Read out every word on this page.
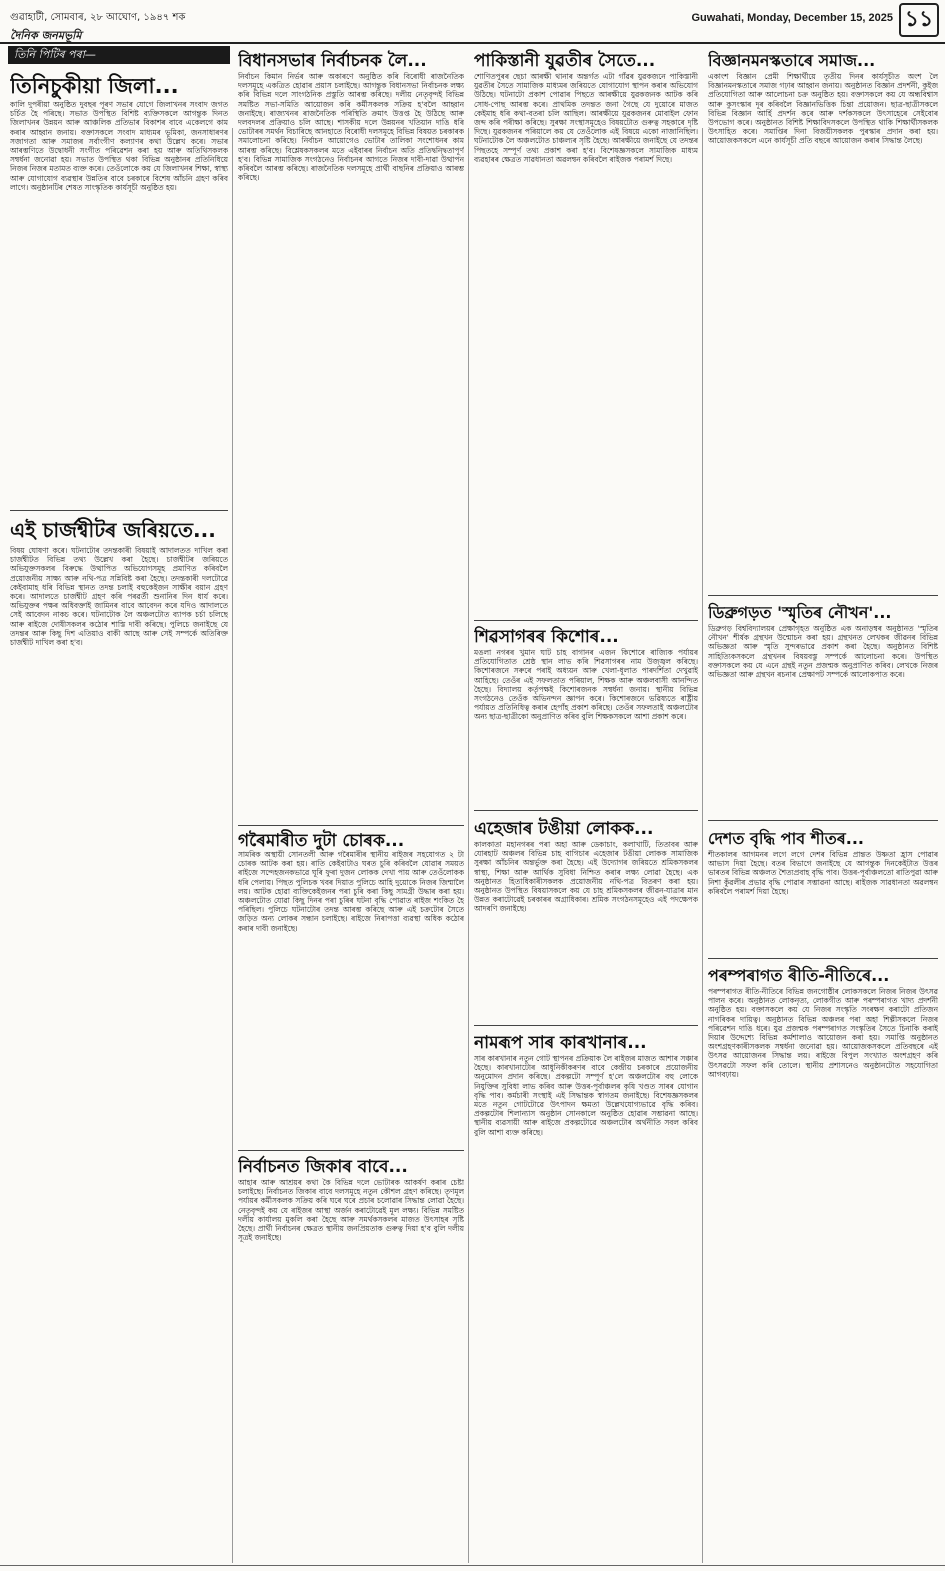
গুৱাহাটী, সোমবাৰ, ২৮ আঘোণ, ১৯৪৭ শক
দৈনিক জনমভূমি
Guwahati, Monday, December 15, 2025 ১১
তিনি পিটিৰ পৰা—
তিনিচুকীয়া জিলা...
কালি দুপৰীয়া অনুষ্ঠিত দুবছৰ পূৰণ সভাৰ যোগে জিলাখনৰ সংবাদ জগত চৰ্চিত হৈ পৰিছে। সভাত উপস্থিত বিশিষ্ট ব্যক্তিসকলে আগন্তুক দিনত জিলাখনৰ উন্নয়ন আৰু আঞ্চলিক প্ৰতিভাৰ বিকাশৰ বাবে একেলগে কাম কৰাৰ আহ্বান জনায়। বক্তাসকলে সংবাদ মাধ্যমৰ ভূমিকা, জনসাধাৰণৰ সজাগতা আৰু সমাজৰ সৰ্বাংগীণ কল্যাণৰ কথা উল্লেখ কৰে। সভাৰ আৰম্ভণিতে উদ্বোধনী সংগীত পৰিৱেশন কৰা হয় আৰু অতিথিসকলক সম্বৰ্ধনা জনোৱা হয়। সভাত উপস্থিত থকা বিভিন্ন অনুষ্ঠানৰ প্ৰতিনিধিয়ে নিজৰ নিজৰ মতামত ব্যক্ত কৰে। তেওঁলোকে কয় যে জিলাখনৰ শিক্ষা, স্বাস্থ্য আৰু যোগাযোগ ব্যৱস্থাৰ উন্নতিৰ বাবে চৰকাৰে বিশেষ আঁচনি গ্ৰহণ কৰিব লাগে। অনুষ্ঠানটিৰ শেষত সাংস্কৃতিক কাৰ্যসূচী অনুষ্ঠিত হয়।
এই চাৰ্জশ্বীটৰ জৰিয়তে...
বিষয় ঘোষণা কৰে। ঘটনাটোৰ তদন্তকাৰী বিষয়াই আদালতত দাখিল কৰা চাৰ্জশ্বীটত বিভিন্ন তথ্য উল্লেখ কৰা হৈছে। চাৰ্জশ্বীটৰ জৰিয়তে অভিযুক্তসকলৰ বিৰুদ্ধে উত্থাপিত অভিযোগসমূহ প্ৰমাণিত কৰিবলৈ প্ৰয়োজনীয় সাক্ষ্য আৰু নথি-পত্ৰ সন্নিবিষ্ট কৰা হৈছে। তদন্তকাৰী দলটোৱে কেইবামাহ ধৰি বিভিন্ন স্থানত তদন্ত চলাই বহুকেইজন সাক্ষীৰ বয়ান গ্ৰহণ কৰে। আদালতে চাৰ্জশ্বীট গ্ৰহণ কৰি পৰৱৰ্তী শুনানিৰ দিন ধাৰ্য কৰে। অভিযুক্তৰ পক্ষৰ অধিবক্তাই জামিনৰ বাবে আবেদন কৰে যদিও আদালতে সেই আবেদন নাকচ কৰে। ঘটনাটোক লৈ অঞ্চলটোত ব্যাপক চৰ্চা চলিছে আৰু ৰাইজে দোষীসকলৰ কঠোৰ শাস্তি দাবী কৰিছে। পুলিচে জনাইছে যে তদন্তৰ আৰু কিছু দিশ এতিয়াও বাকী আছে আৰু সেই সম্পৰ্কে অতিৰিক্ত চাৰ্জশ্বীট দাখিল কৰা হ'ব।
বিধানসভাৰ নিৰ্বাচনক লৈ...
নিৰ্বাচন কিমান নিৰ্ভৰ আৰু অকাৰণে অনুষ্ঠিত কৰি বিৰোধী ৰাজনৈতিক দলসমূহে একত্ৰিত হোৱাৰ প্ৰয়াস চলাইছে। আগন্তুক বিধানসভা নিৰ্বাচনক লক্ষ্য কৰি বিভিন্ন দলে সাংগঠনিক প্ৰস্তুতি আৰম্ভ কৰিছে। দলীয় নেতৃবৃন্দই বিভিন্ন সমষ্টিত সভা-সমিতি আয়োজন কৰি কৰ্মীসকলক সক্ৰিয় হ'বলৈ আহ্বান জনাইছে। ৰাজ্যখনৰ ৰাজনৈতিক পৰিস্থিতি ক্ৰমাৎ উত্তপ্ত হৈ উঠিছে আৰু দলবদলৰ প্ৰক্ৰিয়াও চলি আছে। শাসকীয় দলে উন্নয়নৰ খতিয়ান দাঙি ধৰি ভোটাৰৰ সমৰ্থন বিচাৰিছে আনহাতে বিৰোধী দলসমূহে বিভিন্ন বিষয়ত চৰকাৰক সমালোচনা কৰিছে। নিৰ্বাচন আয়োগেও ভোটাৰ তালিকা সংশোধনৰ কাম আৰম্ভ কৰিছে। বিশ্লেষকসকলৰ মতে এইবাৰৰ নিৰ্বাচন অতি প্ৰতিদ্বন্দ্বিতাপূৰ্ণ হ'ব। বিভিন্ন সামাজিক সংগঠনেও নিৰ্বাচনৰ আগতে নিজৰ দাবী-দাৱা উত্থাপন কৰিবলৈ আৰম্ভ কৰিছে। ৰাজনৈতিক দলসমূহে প্ৰাৰ্থী বাছনিৰ প্ৰক্ৰিয়াও আৰম্ভ কৰিছে।
গৰৈমাৰীত দুটা চোৰক...
সামৰিক অস্থায়ী সোনতলী আৰু গৰৈমাৰীৰ স্থানীয় ৰাইজৰ সহযোগত ২ টা চোৰক আটক কৰা হয়। ৰাতি কেইবাটাও ঘৰত চুৰি কৰিবলৈ যোৱাৰ সময়ত ৰাইজে সন্দেহজনকভাৱে ঘূৰি ফুৰা দুজন লোকক দেখা পায় আৰু তেওঁলোকক ধৰি পেলায়। পিছত পুলিচক খবৰ দিয়াত পুলিচে আহি দুয়োকে নিজৰ জিম্মালৈ লয়। আটক হোৱা ব্যক্তিকেইজনৰ পৰা চুৰি কৰা কিছু সামগ্ৰী উদ্ধাৰ কৰা হয়। অঞ্চলটোত যোৱা কিছু দিনৰ পৰা চুৰিৰ ঘটনা বৃদ্ধি পোৱাত ৰাইজ শংকিত হৈ পৰিছিল। পুলিচে ঘটনাটোৰ তদন্ত আৰম্ভ কৰিছে আৰু এই চক্ৰটোৰ সৈতে জড়িত অন্য লোকৰ সন্ধান চলাইছে। ৰাইজে নিৰাপত্তা ব্যৱস্থা অধিক কঠোৰ কৰাৰ দাবী জনাইছে।
নিৰ্বাচনত জিকাৰ বাবে...
আহাৰ আৰু আশ্ৰয়ৰ কথা কৈ বিভিন্ন দলে ভোটাৰক আকৰ্ষণ কৰাৰ চেষ্টা চলাইছে। নিৰ্বাচনত জিকাৰ বাবে দলসমূহে নতুন কৌশল গ্ৰহণ কৰিছে। তৃণমূল পৰ্যায়ৰ কৰ্মীসকলক সক্ৰিয় কৰি ঘৰে ঘৰে প্ৰচাৰ চলোৱাৰ সিদ্ধান্ত লোৱা হৈছে। নেতৃবৃন্দই কয় যে ৰাইজৰ আস্থা অৰ্জন কৰাটোৱেই মূল লক্ষ্য। বিভিন্ন সমষ্টিত দলীয় কাৰ্যালয় মুকলি কৰা হৈছে আৰু সমৰ্থকসকলৰ মাজত উৎসাহৰ সৃষ্টি হৈছে। প্ৰাৰ্থী নিৰ্বাচনৰ ক্ষেত্ৰত স্থানীয় জনপ্ৰিয়তাক গুৰুত্ব দিয়া হ'ব বুলি দলীয় সূত্ৰই জনাইছে।
পাকিস্তানী যুৱতীৰ সৈতে...
শোণিতপুৰৰ ছেচা আৰক্ষী থানাৰ অন্তৰ্গত এটা গাঁৱৰ যুৱকজনে পাকিস্তানী যুৱতীৰ সৈতে সামাজিক মাধ্যমৰ জৰিয়তে যোগাযোগ স্থাপন কৰাৰ অভিযোগ উঠিছে। ঘটনাটো প্ৰকাশ পোৱাৰ পিছতে আৰক্ষীয়ে যুৱকজনক আটক কৰি সোধ-পোছ আৰম্ভ কৰে। প্ৰাথমিক তদন্তত জনা গৈছে যে দুয়োৰে মাজত কেইমাহ ধৰি কথা-বতৰা চলি আছিল। আৰক্ষীয়ে যুৱকজনৰ মোবাইল ফোন জব্দ কৰি পৰীক্ষা কৰিছে। সুৰক্ষা সংস্থাসমূহেও বিষয়টোত গুৰুত্ব সহকাৰে দৃষ্টি দিছে। যুৱকজনৰ পৰিয়ালে কয় যে তেওঁলোক এই বিষয়ে একো নাজানিছিল। ঘটনাটোক লৈ অঞ্চলটোত চাঞ্চল্যৰ সৃষ্টি হৈছে। আৰক্ষীয়ে জনাইছে যে তদন্তৰ পিছতহে সম্পূৰ্ণ তথ্য প্ৰকাশ কৰা হ'ব। বিশেষজ্ঞসকলে সামাজিক মাধ্যম ব্যৱহাৰৰ ক্ষেত্ৰত সাৱধানতা অৱলম্বন কৰিবলৈ ৰাইজক পৰামৰ্শ দিছে।
শিৱসাগৰৰ কিশোৰ...
মঙলা নগৰৰ খুমান ঘাট চাহ বাগানৰ এজন কিশোৰে ৰাজ্যিক পৰ্যায়ৰ প্ৰতিযোগিতাত শ্ৰেষ্ঠ স্থান লাভ কৰি শিৱসাগৰৰ নাম উজ্জ্বল কৰিছে। কিশোৰজনে সৰুৰে পৰাই অধ্যয়ন আৰু খেলা-ধূলাত পাৰদৰ্শিতা দেখুৱাই আহিছে। তেওঁৰ এই সফলতাত পৰিয়াল, শিক্ষক আৰু অঞ্চলবাসী আনন্দিত হৈছে। বিদ্যালয় কৰ্তৃপক্ষই কিশোৰজনক সম্বৰ্ধনা জনায়। স্থানীয় বিভিন্ন সংগঠনেও তেওঁক অভিনন্দন জ্ঞাপন কৰে। কিশোৰজনে ভৱিষ্যতে ৰাষ্ট্ৰীয় পৰ্যায়ত প্ৰতিনিধিত্ব কৰাৰ হেপাঁহ প্ৰকাশ কৰিছে। তেওঁৰ সফলতাই অঞ্চলটোৰ অন্য ছাত্ৰ-ছাত্ৰীকো অনুপ্ৰাণিত কৰিব বুলি শিক্ষকসকলে আশা প্ৰকাশ কৰে।
এহেজাৰ টঙীয়া লোকক...
কালকাতা মহানগৰৰ পৰা অহা আৰু ডেকাচাং, কলাখাটি, তিতাবৰ আৰু যোৰহাট অঞ্চলৰ বিভিন্ন চাহ বাগিচাৰ এহেজাৰ টঙীয়া লোকক সামাজিক সুৰক্ষা আঁচনিৰ অন্তৰ্ভুক্ত কৰা হৈছে। এই উদ্যোগৰ জৰিয়তে শ্ৰমিকসকলৰ স্বাস্থ্য, শিক্ষা আৰু আৰ্থিক সুবিধা নিশ্চিত কৰাৰ লক্ষ্য লোৱা হৈছে। এক অনুষ্ঠানত হিতাধিকাৰীসকলক প্ৰয়োজনীয় নথি-পত্ৰ বিতৰণ কৰা হয়। অনুষ্ঠানত উপস্থিত বিষয়াসকলে কয় যে চাহ শ্ৰমিকসকলৰ জীৱন-যাত্ৰাৰ মান উন্নত কৰাটোৱেই চৰকাৰৰ অগ্ৰাধিকাৰ। শ্ৰমিক সংগঠনসমূহেও এই পদক্ষেপক আদৰণি জনাইছে।
নামৰূপ সাৰ কাৰখানাৰ...
সাৰ কাৰখানাৰ নতুন গোট স্থাপনৰ প্ৰক্ৰিয়াক লৈ ৰাইজৰ মাজত আশাৰ সঞ্চাৰ হৈছে। কাৰখানাটোৰ আধুনিকীকৰণৰ বাবে কেন্দ্ৰীয় চৰকাৰে প্ৰয়োজনীয় অনুমোদন প্ৰদান কৰিছে। প্ৰকল্পটো সম্পূৰ্ণ হ'লে অঞ্চলটোৰ বহু লোকে নিযুক্তিৰ সুবিধা লাভ কৰিব আৰু উত্তৰ-পূৰ্বাঞ্চলৰ কৃষি খণ্ডত সাৰৰ যোগান বৃদ্ধি পাব। কৰ্মচাৰী সংস্থাই এই সিদ্ধান্তক স্বাগতম জনাইছে। বিশেষজ্ঞসকলৰ মতে নতুন গোটটোৱে উৎপাদন ক্ষমতা উল্লেখযোগ্যভাৱে বৃদ্ধি কৰিব। প্ৰকল্পটোৰ শিলান্যাস অনুষ্ঠান সোনকালে অনুষ্ঠিত হোৱাৰ সম্ভাৱনা আছে। স্থানীয় ব্যৱসায়ী আৰু ৰাইজে প্ৰকল্পটোৱে অঞ্চলটোৰ অৰ্থনীতি সবল কৰিব বুলি আশা ব্যক্ত কৰিছে।
বিজ্ঞানমনস্কতাৰে সমাজ...
একাংশ বিজ্ঞান প্ৰেমী শিক্ষাৰ্থীয়ে তৃতীয় দিনৰ কাৰ্যসূচীত অংশ লৈ বিজ্ঞানমনস্কতাৰে সমাজ গঢ়াৰ আহ্বান জনায়। অনুষ্ঠানত বিজ্ঞান প্ৰদৰ্শনী, কুইজ প্ৰতিযোগিতা আৰু আলোচনা চক্ৰ অনুষ্ঠিত হয়। বক্তাসকলে কয় যে অন্ধবিশ্বাস আৰু কুসংস্কাৰ দূৰ কৰিবলৈ বিজ্ঞানভিত্তিক চিন্তা প্ৰয়োজন। ছাত্ৰ-ছাত্ৰীসকলে বিভিন্ন বিজ্ঞান আৰ্হি প্ৰদৰ্শন কৰে আৰু দৰ্শকসকলে উৎসাহেৰে সেইবোৰ উপভোগ কৰে। অনুষ্ঠানত বিশিষ্ট শিক্ষাবিদসকলে উপস্থিত থাকি শিক্ষাৰ্থীসকলক উৎসাহিত কৰে। সমাপ্তিৰ দিনা বিজয়ীসকলক পুৰস্কাৰ প্ৰদান কৰা হয়। আয়োজকসকলে এনে কাৰ্যসূচী প্ৰতি বছৰে আয়োজন কৰাৰ সিদ্ধান্ত লৈছে।
ডিব্ৰুগড়ত 'স্মৃতিৰ নৌখন'...
ডিব্ৰুগড় বিশ্ববিদ্যালয়ৰ প্ৰেক্ষাগৃহত অনুষ্ঠিত এক অনাড়ম্বৰ অনুষ্ঠানত 'স্মৃতিৰ নৌখন' শীৰ্ষক গ্ৰন্থখন উন্মোচন কৰা হয়। গ্ৰন্থখনত লেখকৰ জীৱনৰ বিভিন্ন অভিজ্ঞতা আৰু স্মৃতি সুন্দৰভাৱে প্ৰকাশ কৰা হৈছে। অনুষ্ঠানত বিশিষ্ট সাহিত্যিকসকলে গ্ৰন্থখনৰ বিষয়বস্তু সম্পৰ্কে আলোচনা কৰে। উপস্থিত বক্তাসকলে কয় যে এনে গ্ৰন্থই নতুন প্ৰজন্মক অনুপ্ৰাণিত কৰিব। লেখকে নিজৰ অভিজ্ঞতা আৰু গ্ৰন্থখন ৰচনাৰ প্ৰেক্ষাপট সম্পৰ্কে আলোকপাত কৰে।
দেশত বৃদ্ধি পাব শীতৰ...
শীতকালৰ আগমনৰ লগে লগে দেশৰ বিভিন্ন প্ৰান্তত উষ্ণতা হ্ৰাস পোৱাৰ আভাস দিয়া হৈছে। বতৰ বিভাগে জনাইছে যে আগন্তুক দিনকেইটাত উত্তৰ ভাৰতৰ বিভিন্ন অঞ্চলত শৈত্যপ্ৰবাহ বৃদ্ধি পাব। উত্তৰ-পূৰ্বাঞ্চলতো ৰাতিপুৱা আৰু নিশা কুঁৱলীৰ প্ৰভাৱ বৃদ্ধি পোৱাৰ সম্ভাৱনা আছে। ৰাইজক সাৱধানতা অৱলম্বন কৰিবলৈ পৰামৰ্শ দিয়া হৈছে।
পৰম্পৰাগত ৰীতি-নীতিৰে...
পৰম্পৰাগত ৰীতি-নীতিৰে বিভিন্ন জনগোষ্ঠীৰ লোকসকলে নিজৰ নিজৰ উৎসৱ পালন কৰে। অনুষ্ঠানত লোকনৃত্য, লোকগীত আৰু পৰম্পৰাগত খাদ্য প্ৰদৰ্শনী অনুষ্ঠিত হয়। বক্তাসকলে কয় যে নিজৰ সংস্কৃতি সংৰক্ষণ কৰাটো প্ৰতিজন নাগৰিকৰ দায়িত্ব। অনুষ্ঠানত বিভিন্ন অঞ্চলৰ পৰা অহা শিল্পীসকলে নিজৰ পৰিৱেশন দাঙি ধৰে। যুৱ প্ৰজন্মক পৰম্পৰাগত সংস্কৃতিৰ সৈতে চিনাকি কৰাই দিয়াৰ উদ্দেশ্যে বিভিন্ন কৰ্মশালাও আয়োজন কৰা হয়। সমাপ্তি অনুষ্ঠানত অংশগ্ৰহণকাৰীসকলক সম্বৰ্ধনা জনোৱা হয়। আয়োজকসকলে প্ৰতিবছৰে এই উৎসৱ আয়োজনৰ সিদ্ধান্ত লয়। ৰাইজে বিপুল সংখ্যাত অংশগ্ৰহণ কৰি উৎসৱটো সফল কৰি তোলে। স্থানীয় প্ৰশাসনেও অনুষ্ঠানটোত সহযোগিতা আগবঢ়ায়।
